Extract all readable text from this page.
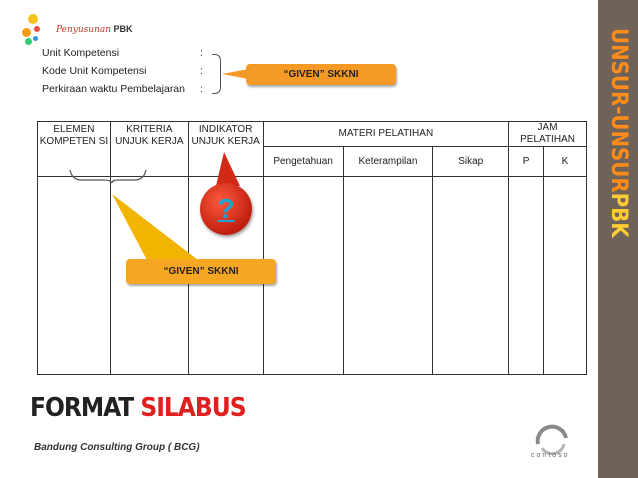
UNSUR-UNSURPBK
Penyusunan PBK
Unit Kompetensi	:
Kode Unit Kompetensi	:
Perkiraan waktu Pembelajaran :
“GIVEN” SKKNI
ELEMEN KOMPETEN SI	KRITERIA UNJUK KERJA	INDIKATOR UNJUK KERJA	MATERI PELATIHAN			JAM PELATIHAN	
			Pengetahuan	Keterampilan	Sikap	P	K

“GIVEN” SKKNI
?
FORMAT SILABUS
Bandung Consulting Group ( BCG)
contoso
